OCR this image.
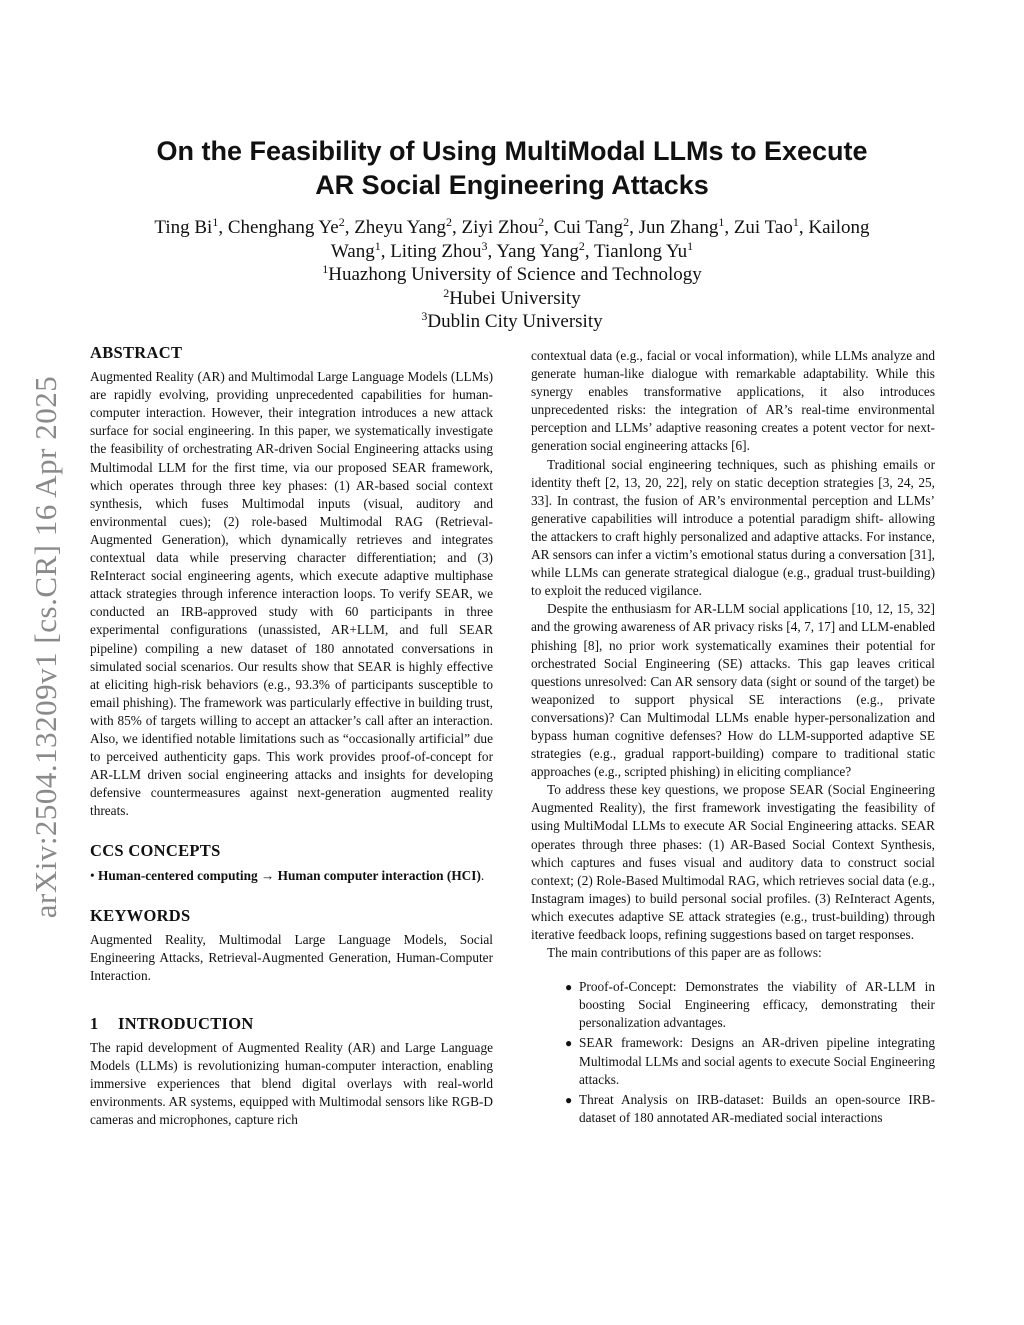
arXiv:2504.13209v1 [cs.CR] 16 Apr 2025
On the Feasibility of Using MultiModal LLMs to Execute
AR Social Engineering Attacks
Ting Bi$^1$, Chenghang Ye$^2$, Zheyu Yang$^2$, Ziyi Zhou$^2$, Cui Tang$^2$, Jun Zhang$^1$, Zui Tao$^1$, Kailong
Wang$^1$, Liting Zhou$^3$, Yang Yang$^2$, Tianlong Yu$^1$
$^1$Huazhong University of Science and Technology
$^2$Hubei University
$^3$Dublin City University
ABSTRACT

Augmented Reality (AR) and Multimodal Large Language Models (LLMs) are rapidly evolving, providing unprecedented capabilities for human-computer interaction. However, their integration introduces a new attack surface for social engineering. In this paper, we systematically investigate the feasibility of orchestrating AR-driven Social Engineering attacks using Multimodal LLM for the first time, via our proposed SEAR framework, which operates through three key phases: (1) AR-based social context synthesis, which fuses Multimodal inputs (visual, auditory and environmental cues); (2) role-based Multimodal RAG (Retrieval-Augmented Generation), which dynamically retrieves and integrates contextual data while preserving character differentiation; and (3) ReInteract social engineering agents, which execute adaptive multiphase attack strategies through inference interaction loops. To verify SEAR, we conducted an IRB-approved study with 60 participants in three experimental configurations (unassisted, AR+LLM, and full SEAR pipeline) compiling a new dataset of 180 annotated conversations in simulated social scenarios. Our results show that SEAR is highly effective at eliciting high-risk behaviors (e.g., 93.3% of participants susceptible to email phishing). The framework was particularly effective in building trust, with 85% of targets willing to accept an attacker’s call after an interaction. Also, we identified notable limitations such as “occasionally artificial” due to perceived authenticity gaps. This work provides proof-of-concept for AR-LLM driven social engineering attacks and insights for developing defensive countermeasures against next-generation augmented reality threats.

CCS CONCEPTS

• Human-centered computing → Human computer interaction (HCI).

KEYWORDS

Augmented Reality, Multimodal Large Language Models, Social Engineering Attacks, Retrieval-Augmented Generation, Human-Computer Interaction.

1 INTRODUCTION

The rapid development of Augmented Reality (AR) and Large Language Models (LLMs) is revolutionizing human-computer interaction, enabling immersive experiences that blend digital overlays with real-world environments. AR systems, equipped with Multimodal sensors like RGB-D cameras and microphones, capture rich

contextual data (e.g., facial or vocal information), while LLMs analyze and generate human-like dialogue with remarkable adaptability. While this synergy enables transformative applications, it also introduces unprecedented risks: the integration of AR’s real-time environmental perception and LLMs’ adaptive reasoning creates a potent vector for next-generation social engineering attacks [6].

Traditional social engineering techniques, such as phishing emails or identity theft [2, 13, 20, 22], rely on static deception strategies [3, 24, 25, 33]. In contrast, the fusion of AR’s environmental perception and LLMs’ generative capabilities will introduce a potential paradigm shift- allowing the attackers to craft highly personalized and adaptive attacks. For instance, AR sensors can infer a victim’s emotional status during a conversation [31], while LLMs can generate strategical dialogue (e.g., gradual trust-building) to exploit the reduced vigilance.

Despite the enthusiasm for AR-LLM social applications [10, 12, 15, 32] and the growing awareness of AR privacy risks [4, 7, 17] and LLM-enabled phishing [8], no prior work systematically examines their potential for orchestrated Social Engineering (SE) attacks. This gap leaves critical questions unresolved: Can AR sensory data (sight or sound of the target) be weaponized to support physical SE interactions (e.g., private conversations)? Can Multimodal LLMs enable hyper-personalization and bypass human cognitive defenses? How do LLM-supported adaptive SE strategies (e.g., gradual rapport-building) compare to traditional static approaches (e.g., scripted phishing) in eliciting compliance?

To address these key questions, we propose SEAR (Social Engineering Augmented Reality), the first framework investigating the feasibility of using MultiModal LLMs to execute AR Social Engineering attacks. SEAR operates through three phases: (1) AR-Based Social Context Synthesis, which captures and fuses visual and auditory data to construct social context; (2) Role-Based Multimodal RAG, which retrieves social data (e.g., Instagram images) to build personal social profiles. (3) ReInteract Agents, which executes adaptive SE attack strategies (e.g., trust-building) through iterative feedback loops, refining suggestions based on target responses.

The main contributions of this paper are as follows:

● Proof-of-Concept: Demonstrates the viability of AR-LLM in boosting Social Engineering efficacy, demonstrating their personalization advantages.
● SEAR framework: Designs an AR-driven pipeline integrating Multimodal LLMs and social agents to execute Social Engineering attacks.
● Threat Analysis on IRB-dataset: Builds an open-source IRB-dataset of 180 annotated AR-mediated social interactions
